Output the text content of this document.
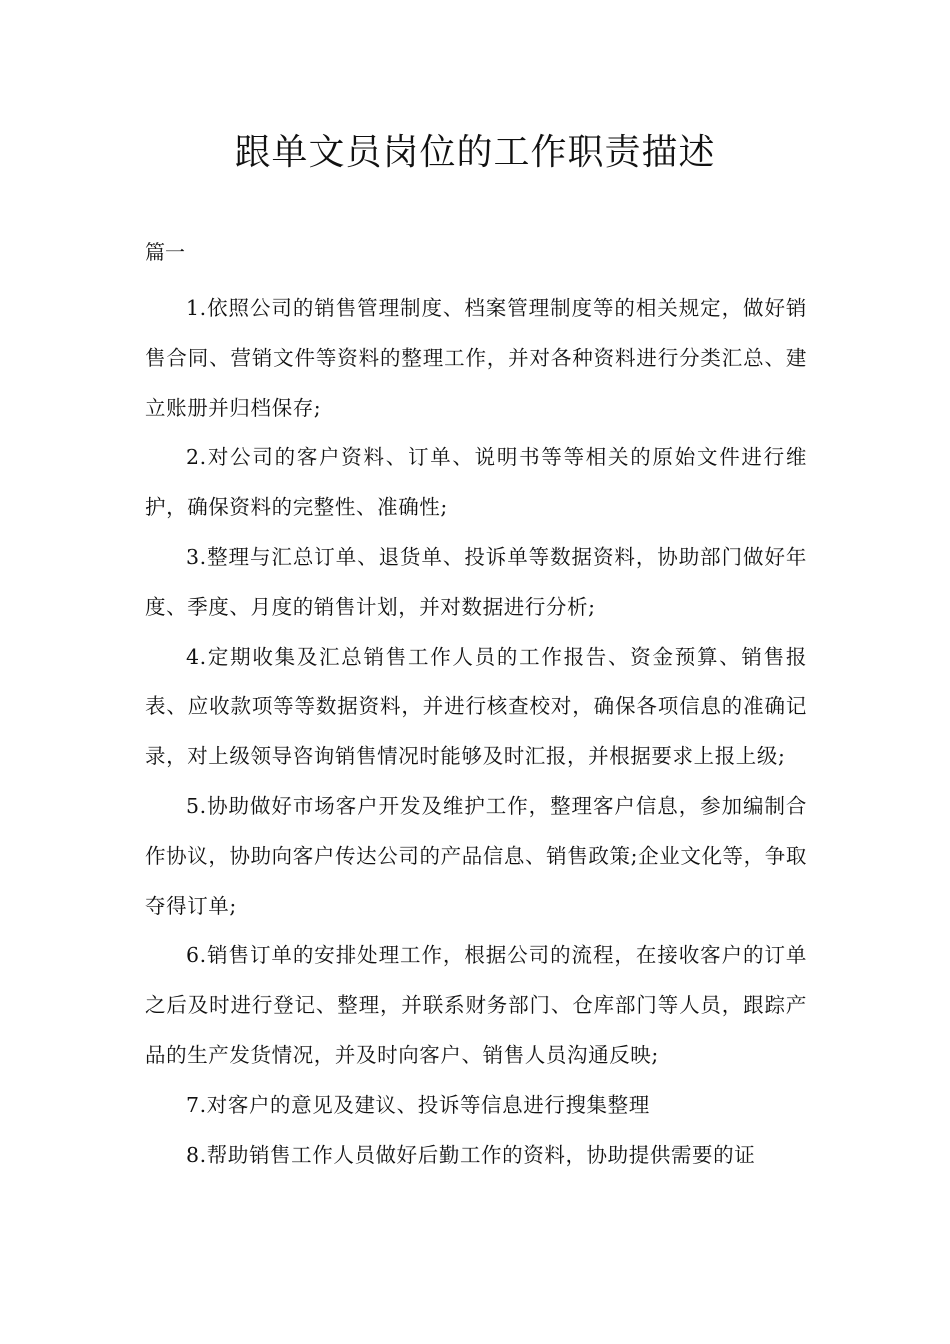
跟单文员岗位的工作职责描述

篇一

1.依照公司的销售管理制度、档案管理制度等的相关规定，做好销售合同、营销文件等资料的整理工作，并对各种资料进行分类汇总、建立账册并归档保存;

2.对公司的客户资料、订单、说明书等等相关的原始文件进行维护，确保资料的完整性、准确性;

3.整理与汇总订单、退货单、投诉单等数据资料，协助部门做好年度、季度、月度的销售计划，并对数据进行分析;

4.定期收集及汇总销售工作人员的工作报告、资金预算、销售报表、应收款项等等数据资料，并进行核查校对，确保各项信息的准确记录，对上级领导咨询销售情况时能够及时汇报，并根据要求上报上级;

5.协助做好市场客户开发及维护工作，整理客户信息，参加编制合作协议，协助向客户传达公司的产品信息、销售政策;企业文化等，争取夺得订单;

6.销售订单的安排处理工作，根据公司的流程，在接收客户的订单之后及时进行登记、整理，并联系财务部门、仓库部门等人员，跟踪产品的生产发货情况，并及时向客户、销售人员沟通反映;

7.对客户的意见及建议、投诉等信息进行搜集整理

8.帮助销售工作人员做好后勤工作的资料，协助提供需要的证
